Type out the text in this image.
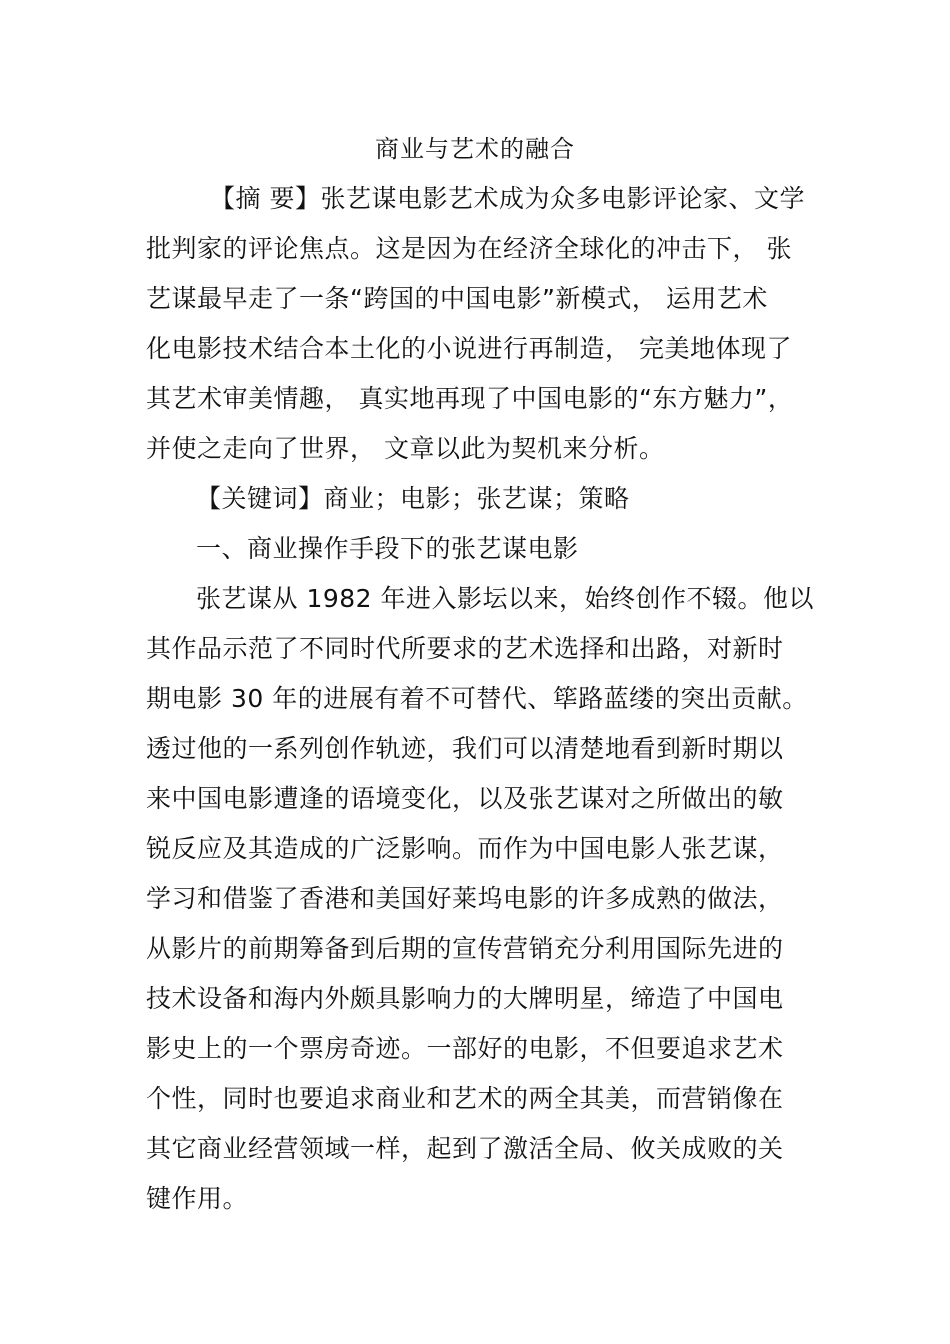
商业与艺术的融合
【摘 要】张艺谋电影艺术成为众多电影评论家、文学
批判家的评论焦点。这是因为在经济全球化的冲击下， 张
艺谋最早走了一条“跨国的中国电影”新模式， 运用艺术
化电影技术结合本土化的小说进行再制造， 完美地体现了
其艺术审美情趣， 真实地再现了中国电影的“东方魅力”，
并使之走向了世界， 文章以此为契机来分析。
【关键词】商业；电影；张艺谋；策略
一、商业操作手段下的张艺谋电影
张艺谋从 1982 年进入影坛以来，始终创作不辍。他以
其作品示范了不同时代所要求的艺术选择和出路，对新时
期电影 30 年的进展有着不可替代、筚路蓝缕的突出贡献。
透过他的一系列创作轨迹，我们可以清楚地看到新时期以
来中国电影遭逢的语境变化，以及张艺谋对之所做出的敏
锐反应及其造成的广泛影响。而作为中国电影人张艺谋，
学习和借鉴了香港和美国好莱坞电影的许多成熟的做法，
从影片的前期筹备到后期的宣传营销充分利用国际先进的
技术设备和海内外颇具影响力的大牌明星，缔造了中国电
影史上的一个票房奇迹。一部好的电影，不但要追求艺术
个性，同时也要追求商业和艺术的两全其美，而营销像在
其它商业经营领域一样，起到了激活全局、攸关成败的关
键作用。
